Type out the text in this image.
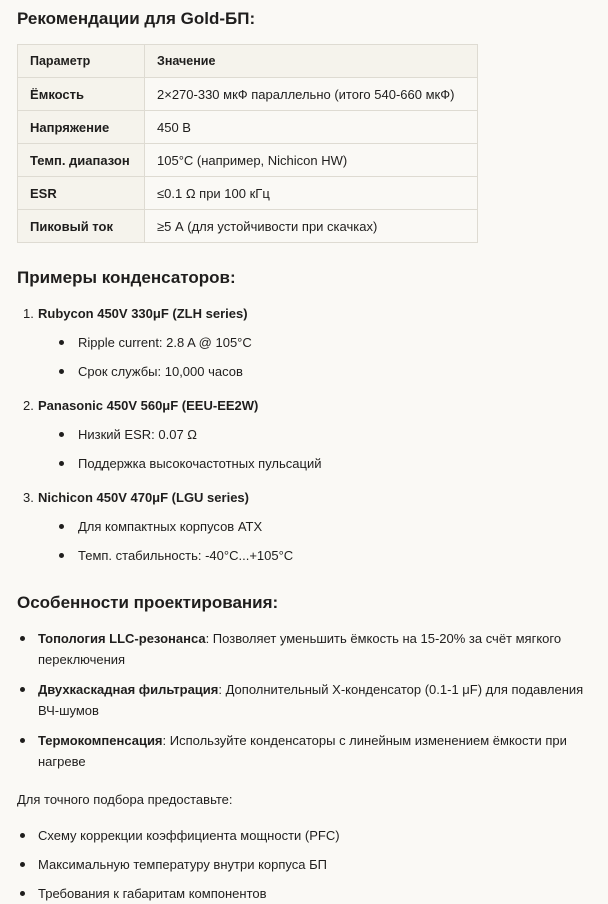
Рекомендации для Gold-БП:
Параметр	Значение
Ёмкость	2×270-330 мкФ параллельно (итого 540-660 мкФ)
Напряжение	450 В
Темп. диапазон	105°C (например, Nichicon HW)
ESR	≤0.1 Ω при 100 кГц
Пиковый ток	≥5 А (для устойчивости при скачках)
Примеры конденсаторов:
1. Rubycon 450V 330μF (ZLH series)
Ripple current: 2.8 A @ 105°C
Срок службы: 10,000 часов
2. Panasonic 450V 560μF (EEU-EE2W)
Низкий ESR: 0.07 Ω
Поддержка высокочастотных пульсаций
3. Nichicon 450V 470μF (LGU series)
Для компактных корпусов ATX
Темп. стабильность: -40°C...+105°C
Особенности проектирования:
Топология LLC-резонанса: Позволяет уменьшить ёмкость на 15-20% за счёт мягкого переключения
Двухкаскадная фильтрация: Дополнительный X-конденсатор (0.1-1 μF) для подавления ВЧ-шумов
Термокомпенсация: Используйте конденсаторы с линейным изменением ёмкости при нагреве

Для точного подбора предоставьте:

Схему коррекции коэффициента мощности (PFC)
Максимальную температуру внутри корпуса БП
Требования к габаритам компонентов
